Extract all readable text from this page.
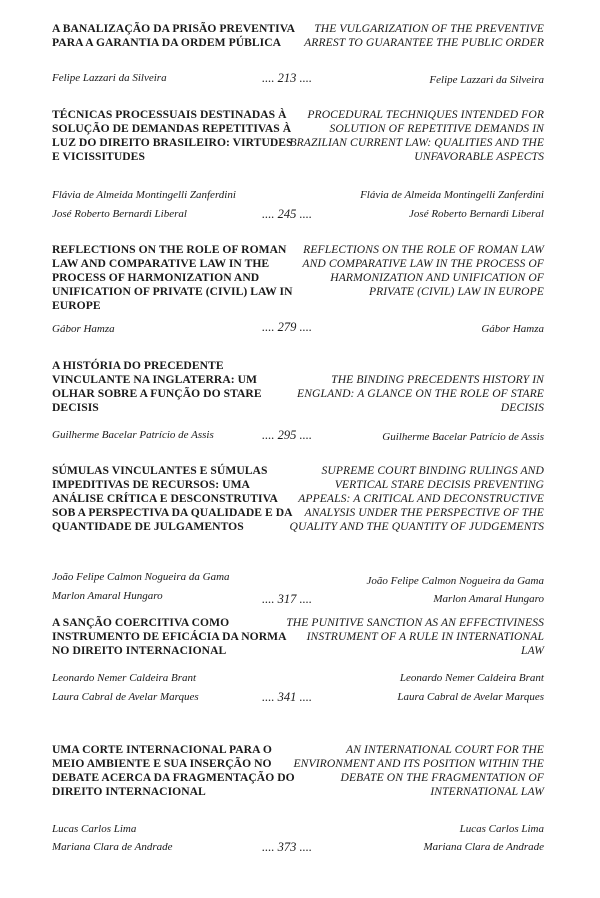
A BANALIZAÇÃO DA PRISÃO PREVENTIVA PARA A GARANTIA DA ORDEM PÚBLICA
THE VULGARIZATION OF THE PREVENTIVE ARREST TO GUARANTEE THE PUBLIC ORDER
Felipe Lazzari da Silveira	.... 213 ....	Felipe Lazzari da Silveira
TÉCNICAS PROCESSUAIS DESTINADAS À SOLUÇÃO DE DEMANDAS REPETITIVAS À LUZ DO DIREITO BRASILEIRO: VIRTUDES E VICISSITUDES
PROCEDURAL TECHNIQUES INTENDED FOR SOLUTION OF REPETITIVE DEMANDS IN BRAZILIAN CURRENT LAW: QUALITIES AND THE UNFAVORABLE ASPECTS
Flávia de Almeida Montingelli Zanferdini	Flávia de Almeida Montingelli Zanferdini
José Roberto Bernardi Liberal	.... 245 ....	José Roberto Bernardi Liberal
REFLECTIONS ON THE ROLE OF ROMAN LAW AND COMPARATIVE LAW IN THE PROCESS OF HARMONIZATION AND UNIFICATION OF PRIVATE (CIVIL) LAW IN EUROPE
REFLECTIONS ON THE ROLE OF ROMAN LAW AND COMPARATIVE LAW IN THE PROCESS OF HARMONIZATION AND UNIFICATION OF PRIVATE (CIVIL) LAW IN EUROPE
Gábor Hamza	.... 279 ....	Gábor Hamza
A HISTÓRIA DO PRECEDENTE VINCULANTE NA INGLATERRA: UM OLHAR SOBRE A FUNÇÃO DO STARE DECISIS
THE BINDING PRECEDENTS HISTORY IN ENGLAND: A GLANCE ON THE ROLE OF STARE DECISIS
Guilherme Bacelar Patrício de Assis	.... 295 ....	Guilherme Bacelar Patrício de Assis
SÚMULAS VINCULANTES E SÚMULAS IMPEDITIVAS DE RECURSOS: UMA ANÁLISE CRÍTICA E DESCONSTRUTIVA SOB A PERSPECTIVA DA QUALIDADE E DA QUANTIDADE DE JULGAMENTOS
SUPREME COURT BINDING RULINGS AND VERTICAL STARE DECISIS PREVENTING APPEALS: A CRITICAL AND DECONSTRUCTIVE ANALYSIS UNDER THE PERSPECTIVE OF THE QUALITY AND THE QUANTITY OF JUDGEMENTS
João Felipe Calmon Nogueira da Gama	João Felipe Calmon Nogueira da Gama
Marlon Amaral Hungaro	.... 317 ....	Marlon Amaral Hungaro
A SANÇÃO COERCITIVA COMO INSTRUMENTO DE EFICÁCIA DA NORMA NO DIREITO INTERNACIONAL
THE PUNITIVE SANCTION AS AN EFFECTIVINESS INSTRUMENT OF A RULE IN INTERNATIONAL LAW
Leonardo Nemer Caldeira Brant	Leonardo Nemer Caldeira Brant
Laura Cabral de Avelar Marques	.... 341 ....	Laura Cabral de Avelar Marques
UMA CORTE INTERNACIONAL PARA O MEIO AMBIENTE E SUA INSERÇÃO NO DEBATE ACERCA DA FRAGMENTAÇÃO DO DIREITO INTERNACIONAL
AN INTERNATIONAL COURT FOR THE ENVIRONMENT AND ITS POSITION WITHIN THE DEBATE ON THE FRAGMENTATION OF INTERNATIONAL LAW
Lucas Carlos Lima	Lucas Carlos Lima
Mariana Clara de Andrade	.... 373 ....	Mariana Clara de Andrade
